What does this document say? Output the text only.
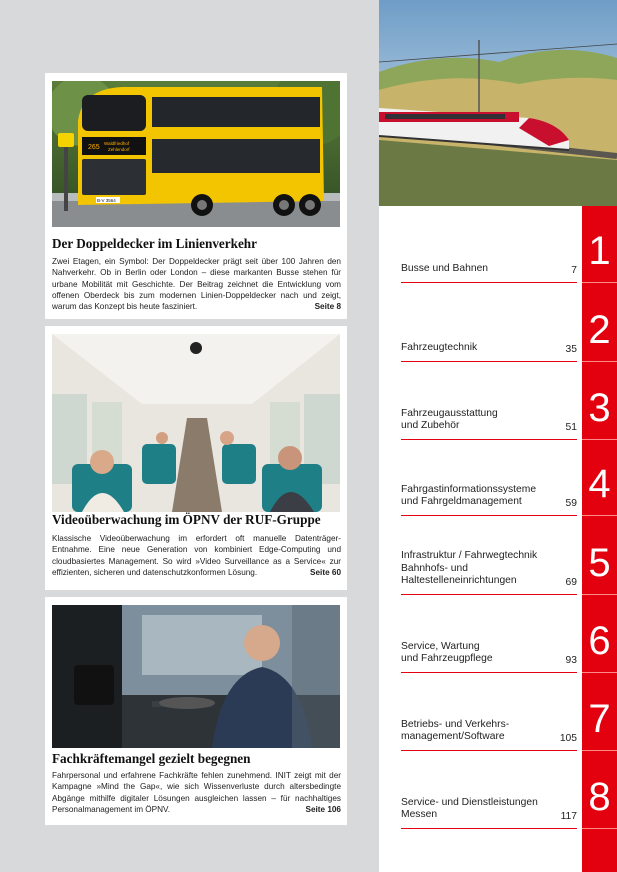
265
Waldfriedhof
Zehlendorf
B-V 3564
Der Doppeldecker im Linienverkehr

Zwei Etagen, ein Symbol: Der Doppeldecker prägt seit über 100 Jahren den Nahverkehr. Ob in Berlin oder London – diese markanten Busse stehen für urbane Mobilität mit Geschichte. Der Beitrag zeichnet die Entwicklung vom offenen Oberdeck bis zum modernen Linien-Doppeldecker nach und zeigt, warum das Konzept bis heute fasziniert.	Seite 8

Videoüberwachung im ÖPNV der RUF-Gruppe

Klassische Videoüberwachung im erfordert oft manuelle Datenträger-Entnahme. Eine neue Generation von kombiniert Edge-Computing und cloudbasiertes Management. So wird »Video Surveillance as a Service« zur effizienten, sicheren und datenschutzkonformen Lösung.	Seite 60

Fachkräftemangel gezielt begegnen

Fahrpersonal und erfahrene Fachkräfte fehlen zunehmend. INIT zeigt mit der Kampagne »Mind the Gap«, wie sich Wissenverluste durch altersbedingte Abgänge mithilfe digitaler Lösungen ausgleichen lassen – für nachhaltiges Personalmanagement im ÖPNV.	Seite 106

Busse und Bahnen	7 1
Fahrzeugtechnik	35 2
Fahrzeugausstattung
und Zubehör	51 3
Fahrgastinformationssysteme
und Fahrgeldmanagement	59 4
Infrastruktur / Fahrwegtechnik
Bahnhofs- und
Haltestelleneinrichtungen	69 5
Service, Wartung
und Fahrzeugpflege	93 6
Betriebs- und Verkehrs-
management/Software	105 7
Service- und Dienstleistungen
Messen	117 8
